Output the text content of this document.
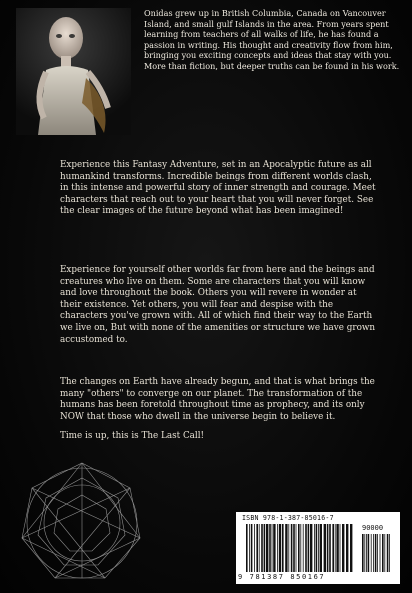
Onidas grew up in British Columbia, Canada on Vancouver Island, and small gulf Islands in the area. From years spent learning from teachers of all walks of life, he has found a passion in writing. His thought and creativity flow from him, bringing you exciting concepts and ideas that stay with you. More than fiction, but deeper truths can be found in his work.

Experience this Fantasy Adventure, set in an Apocalyptic future as all humankind transforms. Incredible beings from different worlds clash, in this intense and powerful story of inner strength and courage. Meet characters that reach out to your heart that you will never forget. See the clear images of the future beyond what has been imagined!

Experience for yourself other worlds far from here and the beings and creatures who live on them. Some are characters that you will know and love throughout the book. Others you will revere in wonder at their existence. Yet others, you will fear and despise with the characters you've grown with. All of which find their way to the Earth we live on, But with none of the amenities or structure we have grown accustomed to.

The changes on Earth have already begun, and that is what brings the many "others" to converge on our planet. The transformation of the humans has been foretold throughout time as prophecy, and its only NOW that those who dwell in the universe begin to believe it.

Time is up, this is The Last Call!

ISBN 978-1-387-85016-7
90000
9 781387 850167
